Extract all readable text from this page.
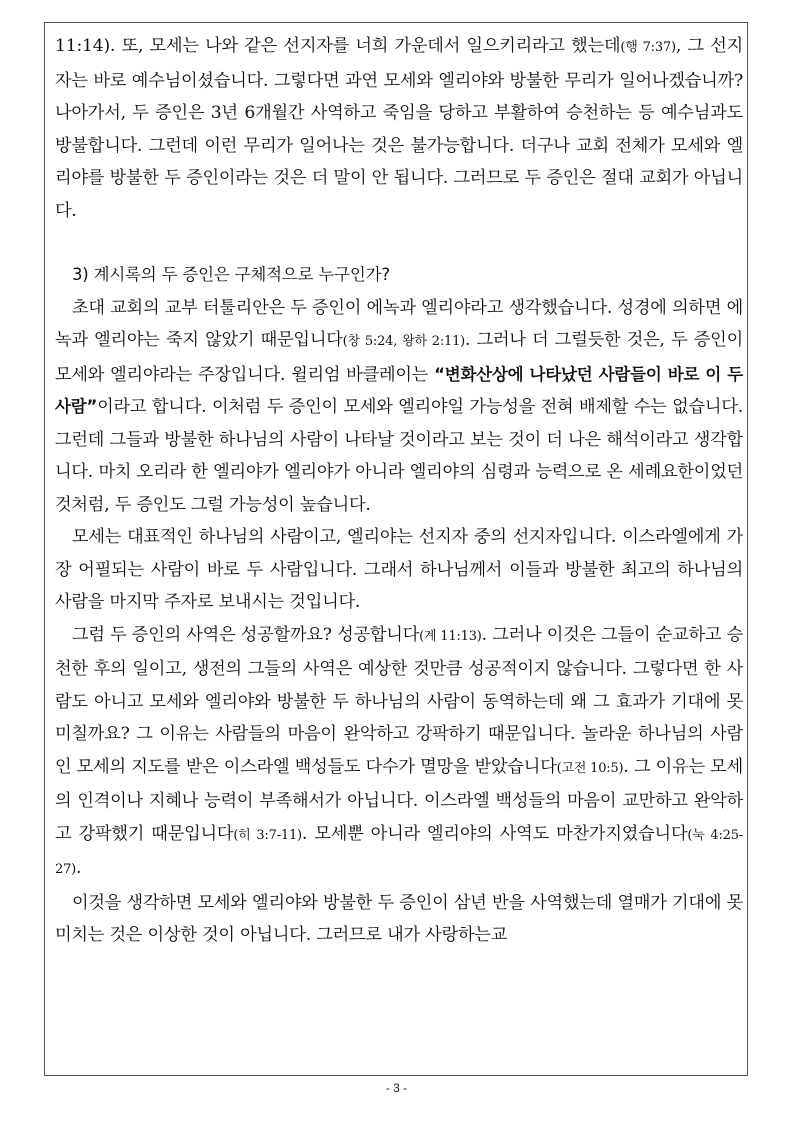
11:14). 또, 모세는 나와 같은 선지자를 너희 가운데서 일으키리라고 했는데(행 7:37), 그 선지자는 바로 예수님이셨습니다. 그렇다면 과연 모세와 엘리야와 방불한 무리가 일어나겠습니까? 나아가서, 두 증인은 3년 6개월간 사역하고 죽임을 당하고 부활하여 승천하는 등 예수님과도 방불합니다. 그런데 이런 무리가 일어나는 것은 불가능합니다. 더구나 교회 전체가 모세와 엘리야를 방불한 두 증인이라는 것은 더 말이 안 됩니다. 그러므로 두 증인은 절대 교회가 아닙니다.

3) 계시록의 두 증인은 구체적으로 누구인가?

초대 교회의 교부 터툴리안은 두 증인이 에녹과 엘리야라고 생각했습니다. 성경에 의하면 에녹과 엘리야는 죽지 않았기 때문입니다(창 5:24, 왕하 2:11). 그러나 더 그럴듯한 것은, 두 증인이 모세와 엘리야라는 주장입니다. 윌리엄 바클레이는 “변화산상에 나타났던 사람들이 바로 이 두 사람”이라고 합니다. 이처럼 두 증인이 모세와 엘리야일 가능성을 전혀 배제할 수는 없습니다. 그런데 그들과 방불한 하나님의 사람이 나타날 것이라고 보는 것이 더 나은 해석이라고 생각합니다. 마치 오리라 한 엘리야가 엘리야가 아니라 엘리야의 심령과 능력으로 온 세례요한이었던 것처럼, 두 증인도 그럴 가능성이 높습니다.

모세는 대표적인 하나님의 사람이고, 엘리야는 선지자 중의 선지자입니다. 이스라엘에게 가장 어필되는 사람이 바로 두 사람입니다. 그래서 하나님께서 이들과 방불한 최고의 하나님의 사람을 마지막 주자로 보내시는 것입니다.

그럼 두 증인의 사역은 성공할까요? 성공합니다(계 11:13). 그러나 이것은 그들이 순교하고 승천한 후의 일이고, 생전의 그들의 사역은 예상한 것만큼 성공적이지 않습니다. 그렇다면 한 사람도 아니고 모세와 엘리야와 방불한 두 하나님의 사람이 동역하는데 왜 그 효과가 기대에 못 미칠까요? 그 이유는 사람들의 마음이 완악하고 강팍하기 때문입니다. 놀라운 하나님의 사람인 모세의 지도를 받은 이스라엘 백성들도 다수가 멸망을 받았습니다(고전 10:5). 그 이유는 모세의 인격이나 지혜나 능력이 부족해서가 아닙니다. 이스라엘 백성들의 마음이 교만하고 완악하고 강팍했기 때문입니다(히 3:7-11). 모세뿐 아니라 엘리야의 사역도 마찬가지였습니다(눅 4:25-27).

이것을 생각하면 모세와 엘리야와 방불한 두 증인이 삼년 반을 사역했는데 열매가 기대에 못 미치는 것은 이상한 것이 아닙니다. 그러므로 내가 사랑하는교

- 3 -
